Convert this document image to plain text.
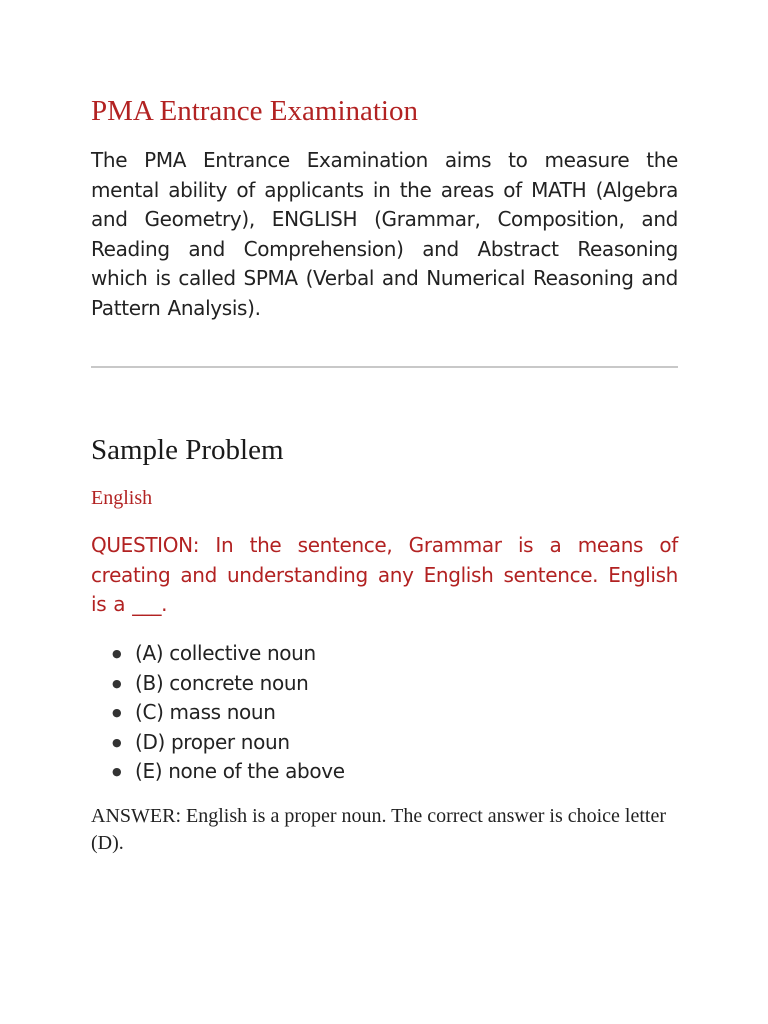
PMA Entrance Examination

The PMA Entrance Examination aims to measure the mental ability of applicants in the areas of MATH (Algebra and Geometry), ENGLISH (Grammar, Composition, and Reading and Comprehension) and Abstract Reasoning which is called SPMA (Verbal and Numerical Reasoning and Pattern Analysis).

Sample Problem
English

QUESTION: In the sentence, Grammar is a means of creating and understanding any English sentence. English is a ___.

● (A) collective noun
● (B) concrete noun
● (C) mass noun
● (D) proper noun
● (E) none of the above

ANSWER: English is a proper noun. The correct answer is choice letter (D).
